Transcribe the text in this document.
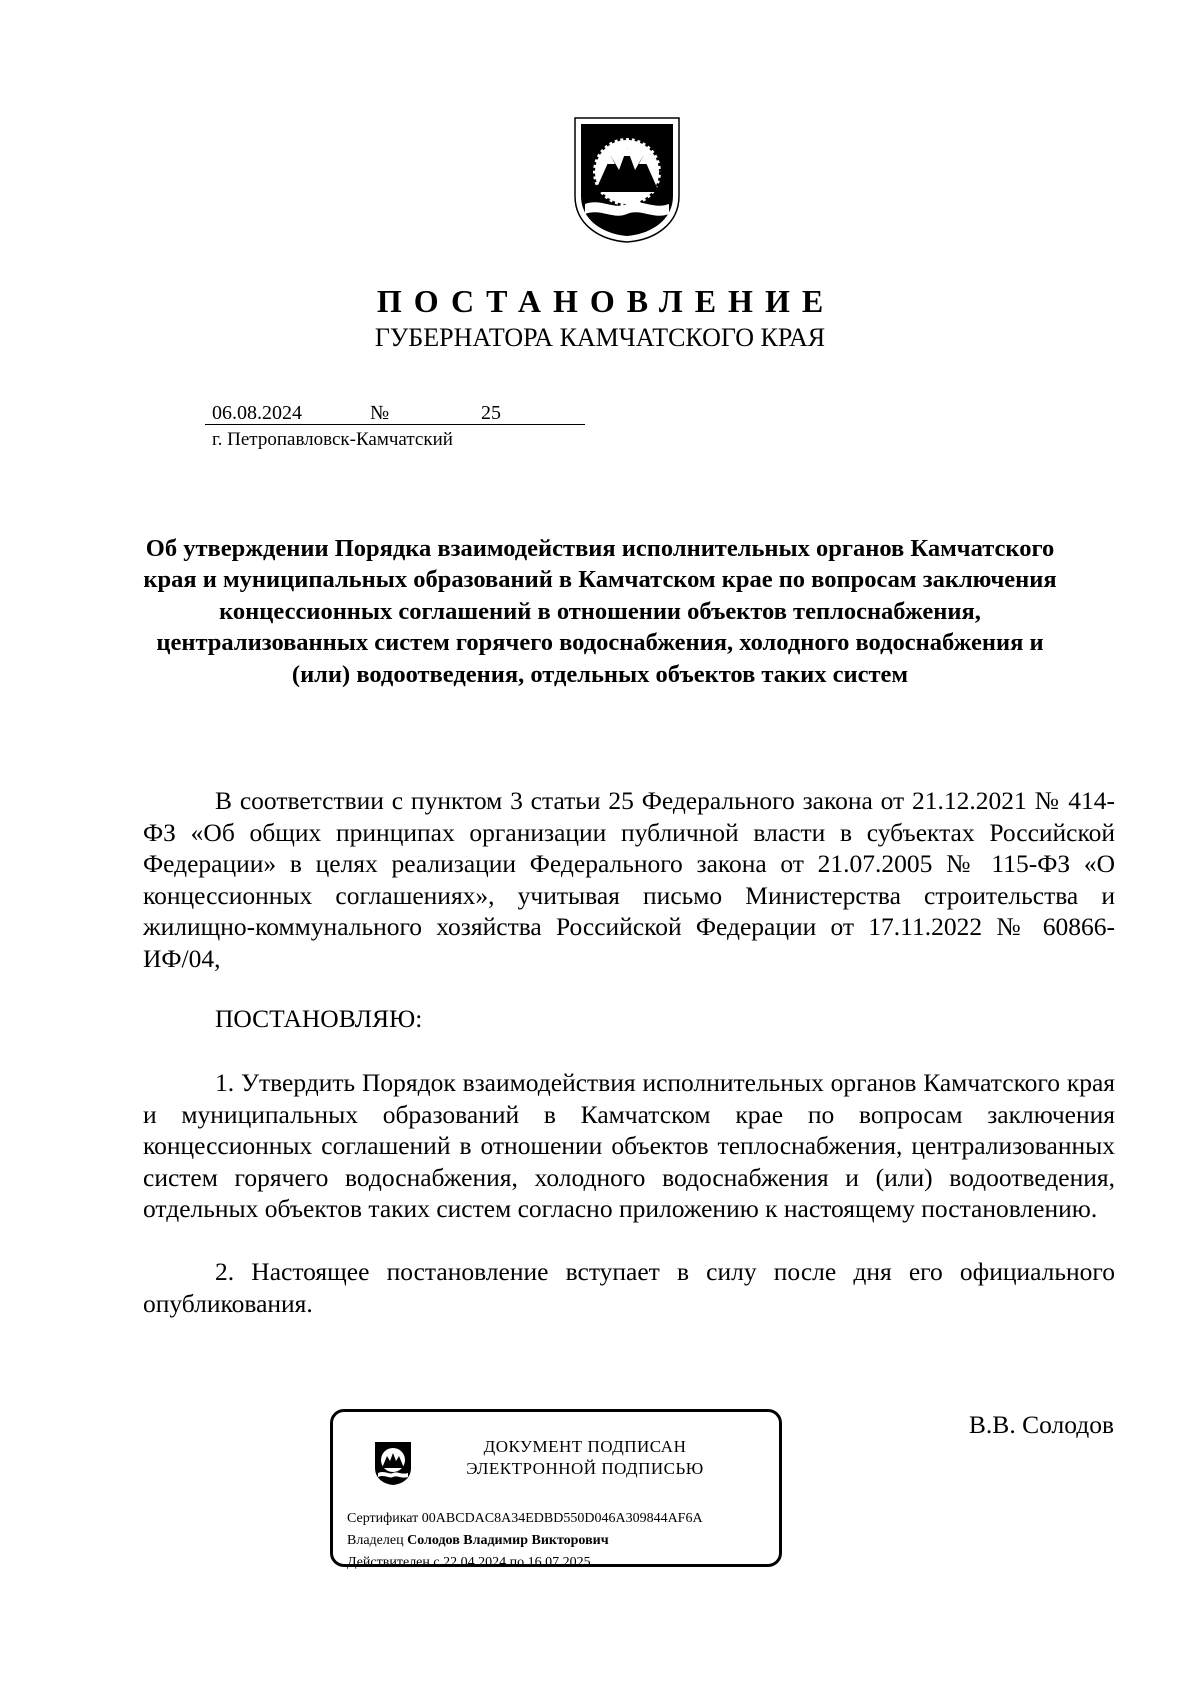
ПОСТАНОВЛЕНИЕ
ГУБЕРНАТОРА КАМЧАТСКОГО КРАЯ
06.08.2024	№	25
г. Петропавловск-Камчатский
Об утверждении Порядка взаимодействия исполнительных органов Камчатского края и муниципальных образований в Камчатском крае по вопросам заключения концессионных соглашений в отношении объектов теплоснабжения, централизованных систем горячего водоснабжения, холодного водоснабжения и (или) водоотведения, отдельных объектов таких систем
В соответствии с пунктом 3 статьи 25 Федерального закона от 21.12.2021 № 414-ФЗ «Об общих принципах организации публичной власти в субъектах Российской Федерации» в целях реализации Федерального закона от 21.07.2005 № 115-ФЗ «О концессионных соглашениях», учитывая письмо Министерства строительства и жилищно-коммунального хозяйства Российской Федерации от 17.11.2022 № 60866-ИФ/04,
ПОСТАНОВЛЯЮ:
1. Утвердить Порядок взаимодействия исполнительных органов Камчатского края и муниципальных образований в Камчатском крае по вопросам заключения концессионных соглашений в отношении объектов теплоснабжения, централизованных систем горячего водоснабжения, холодного водоснабжения и (или) водоотведения, отдельных объектов таких систем согласно приложению к настоящему постановлению.
2. Настоящее постановление вступает в силу после дня его официального опубликования.
ДОКУМЕНТ ПОДПИСАН
ЭЛЕКТРОННОЙ ПОДПИСЬЮ
Сертификат 00ABCDAC8A34EDBD550D046A309844AF6A
Владелец Солодов Владимир Викторович
Действителен с 22.04.2024 по 16.07.2025
В.В. Солодов
